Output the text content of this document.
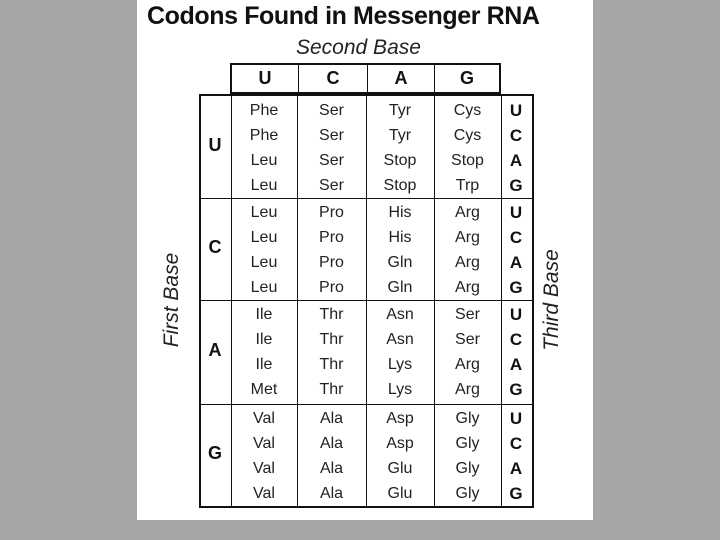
Codons Found in Messenger RNA
Second Base
U	C	A	G
U
Phe	Ser	Tyr	Cys	U
Phe	Ser	Tyr	Cys	C
Leu	Ser	Stop	Stop	A
Leu	Ser	Stop	Trp	G
C
Leu	Pro	His	Arg	U
Leu	Pro	His	Arg	C
Leu	Pro	Gln	Arg	A
Leu	Pro	Gln	Arg	G
A
Ile	Thr	Asn	Ser	U
Ile	Thr	Asn	Ser	C
Ile	Thr	Lys	Arg	A
Met	Thr	Lys	Arg	G
G
Val	Ala	Asp	Gly	U
Val	Ala	Asp	Gly	C
Val	Ala	Glu	Gly	A
Val	Ala	Glu	Gly	G
First Base	Third Base
